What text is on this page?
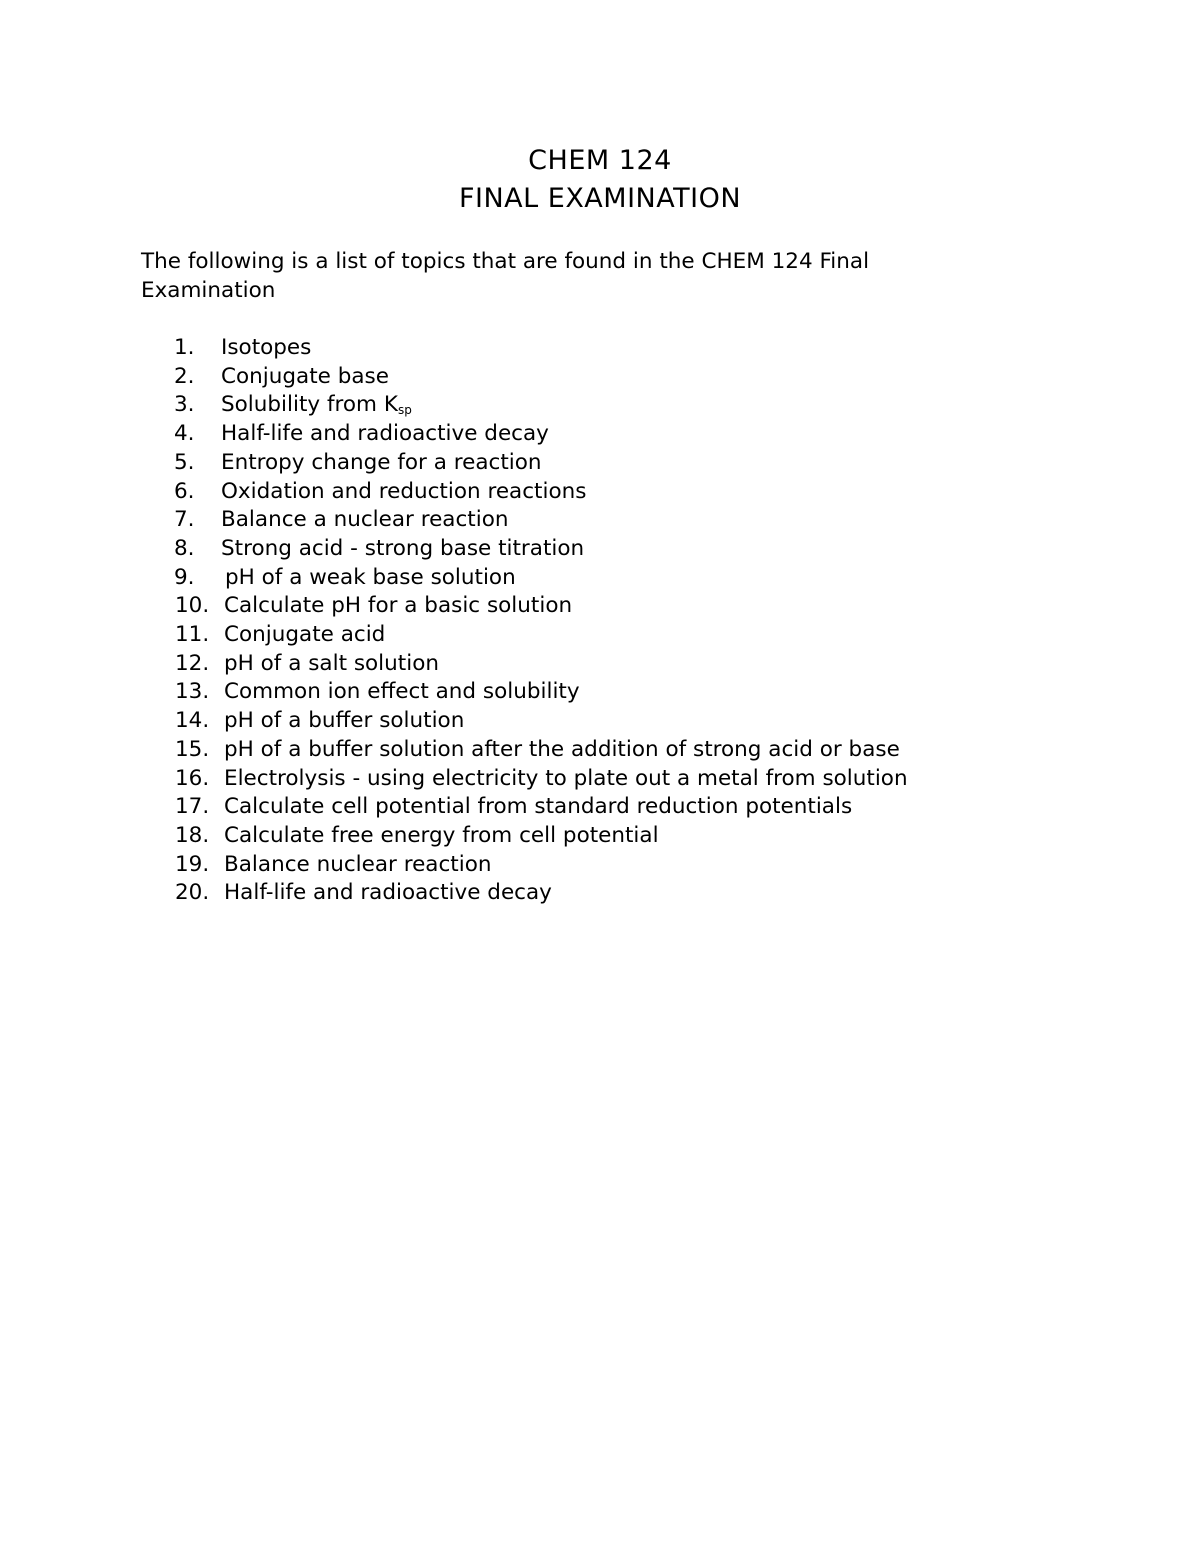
CHEM 124
FINAL EXAMINATION
The following is a list of topics that are found in the CHEM 124 Final
Examination
1. Isotopes
2. Conjugate base
3. Solubility from $K_{sp}$
4. Half-life and radioactive decay
5. Entropy change for a reaction
6. Oxidation and reduction reactions
7. Balance a nuclear reaction
8. Strong acid - strong base titration
9. pH of a weak base solution
10. Calculate pH for a basic solution
11. Conjugate acid
12. pH of a salt solution
13. Common ion effect and solubility
14. pH of a buffer solution
15. pH of a buffer solution after the addition of strong acid or base
16. Electrolysis - using electricity to plate out a metal from solution
17. Calculate cell potential from standard reduction potentials
18. Calculate free energy from cell potential
19. Balance nuclear reaction
20. Half-life and radioactive decay
